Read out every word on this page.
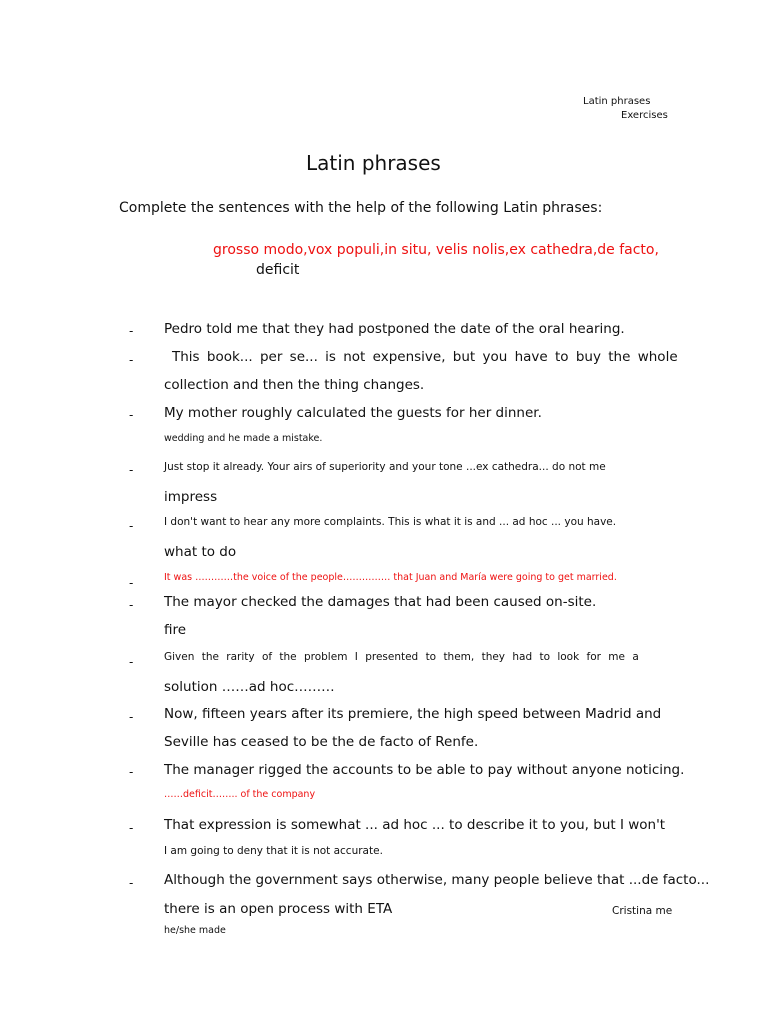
Latin phrases
Exercises
Latin phrases
Complete the sentences with the help of the following Latin phrases:
grosso modo,vox populi,in situ, velis nolis,ex cathedra,de facto,
deficit
- Pedro told me that they had postponed the date of the oral hearing.
-	This book... per se... is not expensive, but you have to buy the whole
collection and then the thing changes.
- My mother roughly calculated the guests for her dinner.
wedding and he made a mistake.
-	Just stop it already. Your airs of superiority and your tone ...ex cathedra... do not me
impress
-	I don't want to hear any more complaints. This is what it is and ... ad hoc ... you have.
what to do
-	It was …………the voice of the people…………… that Juan and María were going to get married.
- The mayor checked the damages that had been caused on-site.
fire
-	Given the rarity of the problem I presented to them, they had to look for me a
solution ……ad hoc………
- Now, fifteen years after its premiere, the high speed between Madrid and
Seville has ceased to be the de facto of Renfe.
- The manager rigged the accounts to be able to pay without anyone noticing.
……deficit…….. of the company
- That expression is somewhat ... ad hoc ... to describe it to you, but I won't
I am going to deny that it is not accurate.
- Although the government says otherwise, many people believe that ...de facto...
there is an open process with ETA	Cristina me
he/she made
